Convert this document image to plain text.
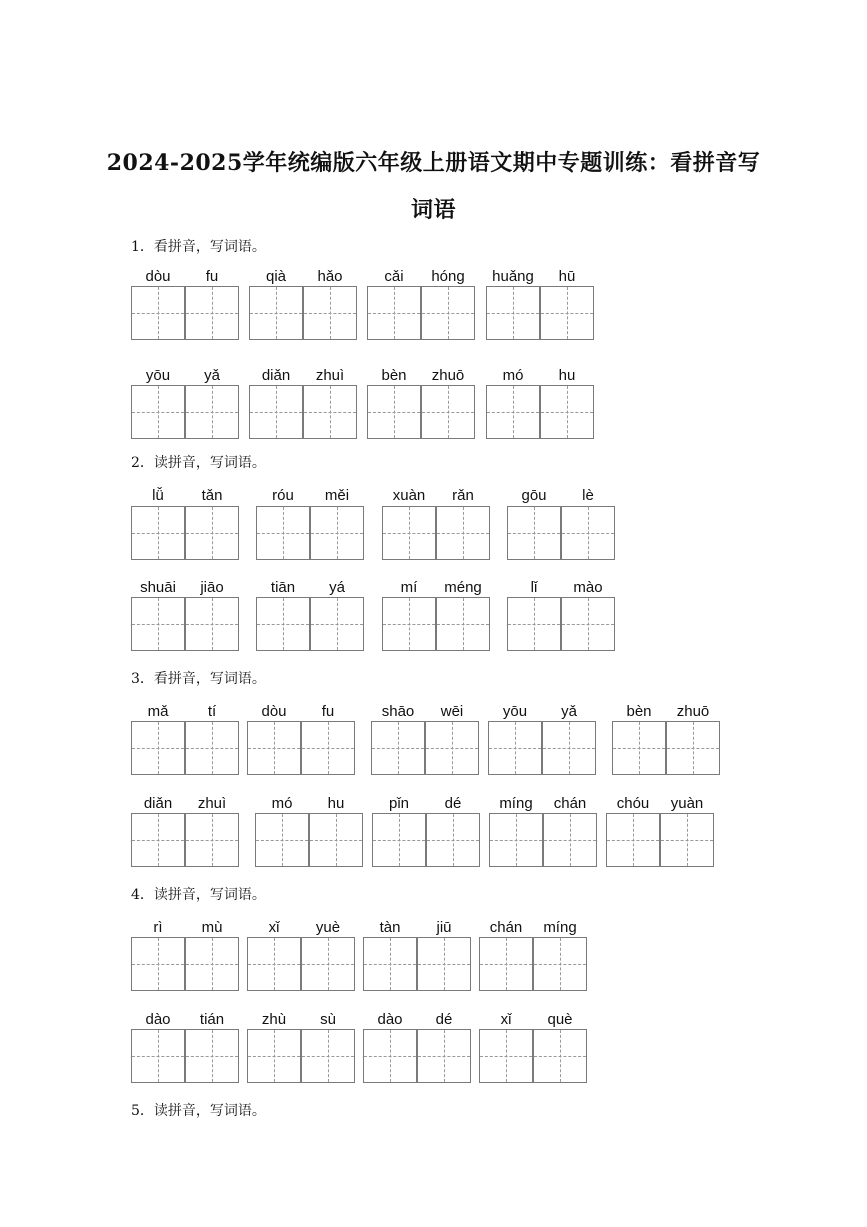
2024-2025学年统编版六年级上册语文期中专题训练：看拼音写
词语
1．看拼音，写词语。
2．读拼音，写词语。
3．看拼音，写词语。
4．读拼音，写词语。
5．读拼音，写词语。
dòu	fu	qià	hǎo	cǎi	hóng	huǎng	hū
yōu	yǎ	diǎn	zhuì	bèn	zhuō	mó	hu
lǚ	tǎn	róu	měi	xuàn	rǎn	gōu	lè
shuāi	jiāo	tiān	yá	mí	méng	lǐ	mào
mǎ	tí	dòu	fu	shāo	wēi	yōu	yǎ	bèn	zhuō
diǎn	zhuì	mó	hu	pǐn	dé	míng	chán	chóu	yuàn
rì	mù	xǐ	yuè	tàn	jiū	chán	míng
dào	tián	zhù	sù	dào	dé	xǐ	què
